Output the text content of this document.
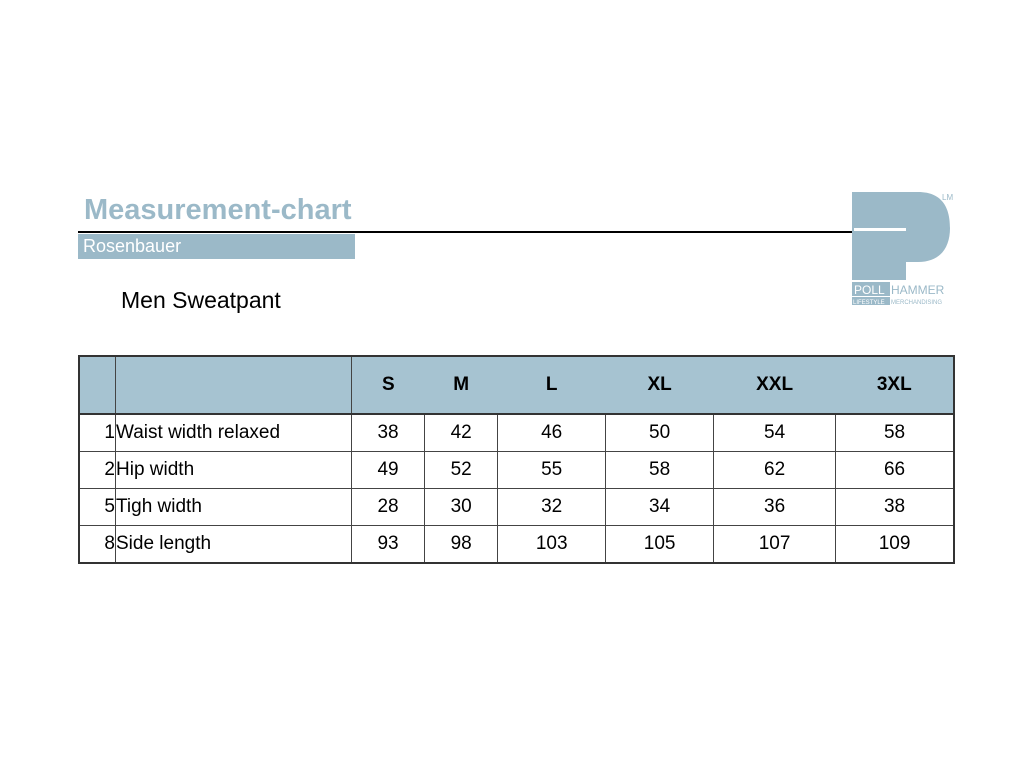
Measurement-chart
Rosenbauer
Men Sweatpant
LM
POLL HAMMER
LIFESTYLE MERCHANDISING
		S	M	L	XL	XXL	3XL
1	Waist width relaxed	38	42	46	50	54	58
2	Hip width	49	52	55	58	62	66
5	Tigh width	28	30	32	34	36	38
8	Side length	93	98	103	105	107	109
